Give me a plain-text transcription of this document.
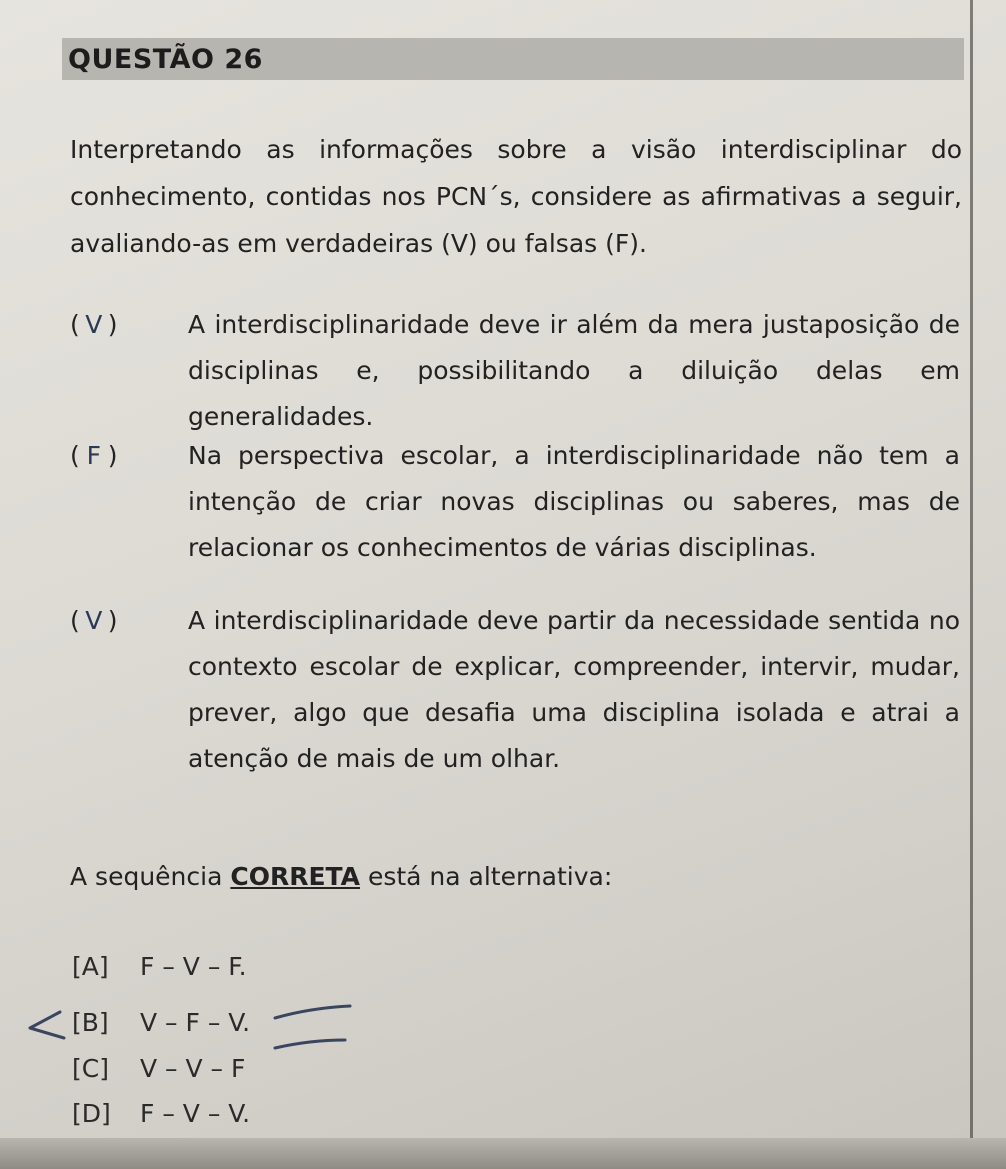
QUESTÃO 26
Interpretando as informações sobre a visão interdisciplinar do conhecimento, contidas nos PCN´s, considere as afirmativas a seguir, avaliando-as em verdadeiras (V) ou falsas (F).
( V )	A interdisciplinaridade deve ir além da mera justaposição de disciplinas e, possibilitando a diluição delas em generalidades.
( F )	Na perspectiva escolar, a interdisciplinaridade não tem a intenção de criar novas disciplinas ou saberes, mas de relacionar os conhecimentos de várias disciplinas.
( V )	A interdisciplinaridade deve partir da necessidade sentida no contexto escolar de explicar, compreender, intervir, mudar, prever, algo que desafia uma disciplina isolada e atrai a atenção de mais de um olhar.
A sequência CORRETA está na alternativa:
[A] F – V – F.
[B] V – F – V.
[C] V – V – F
[D] F – V – V.
